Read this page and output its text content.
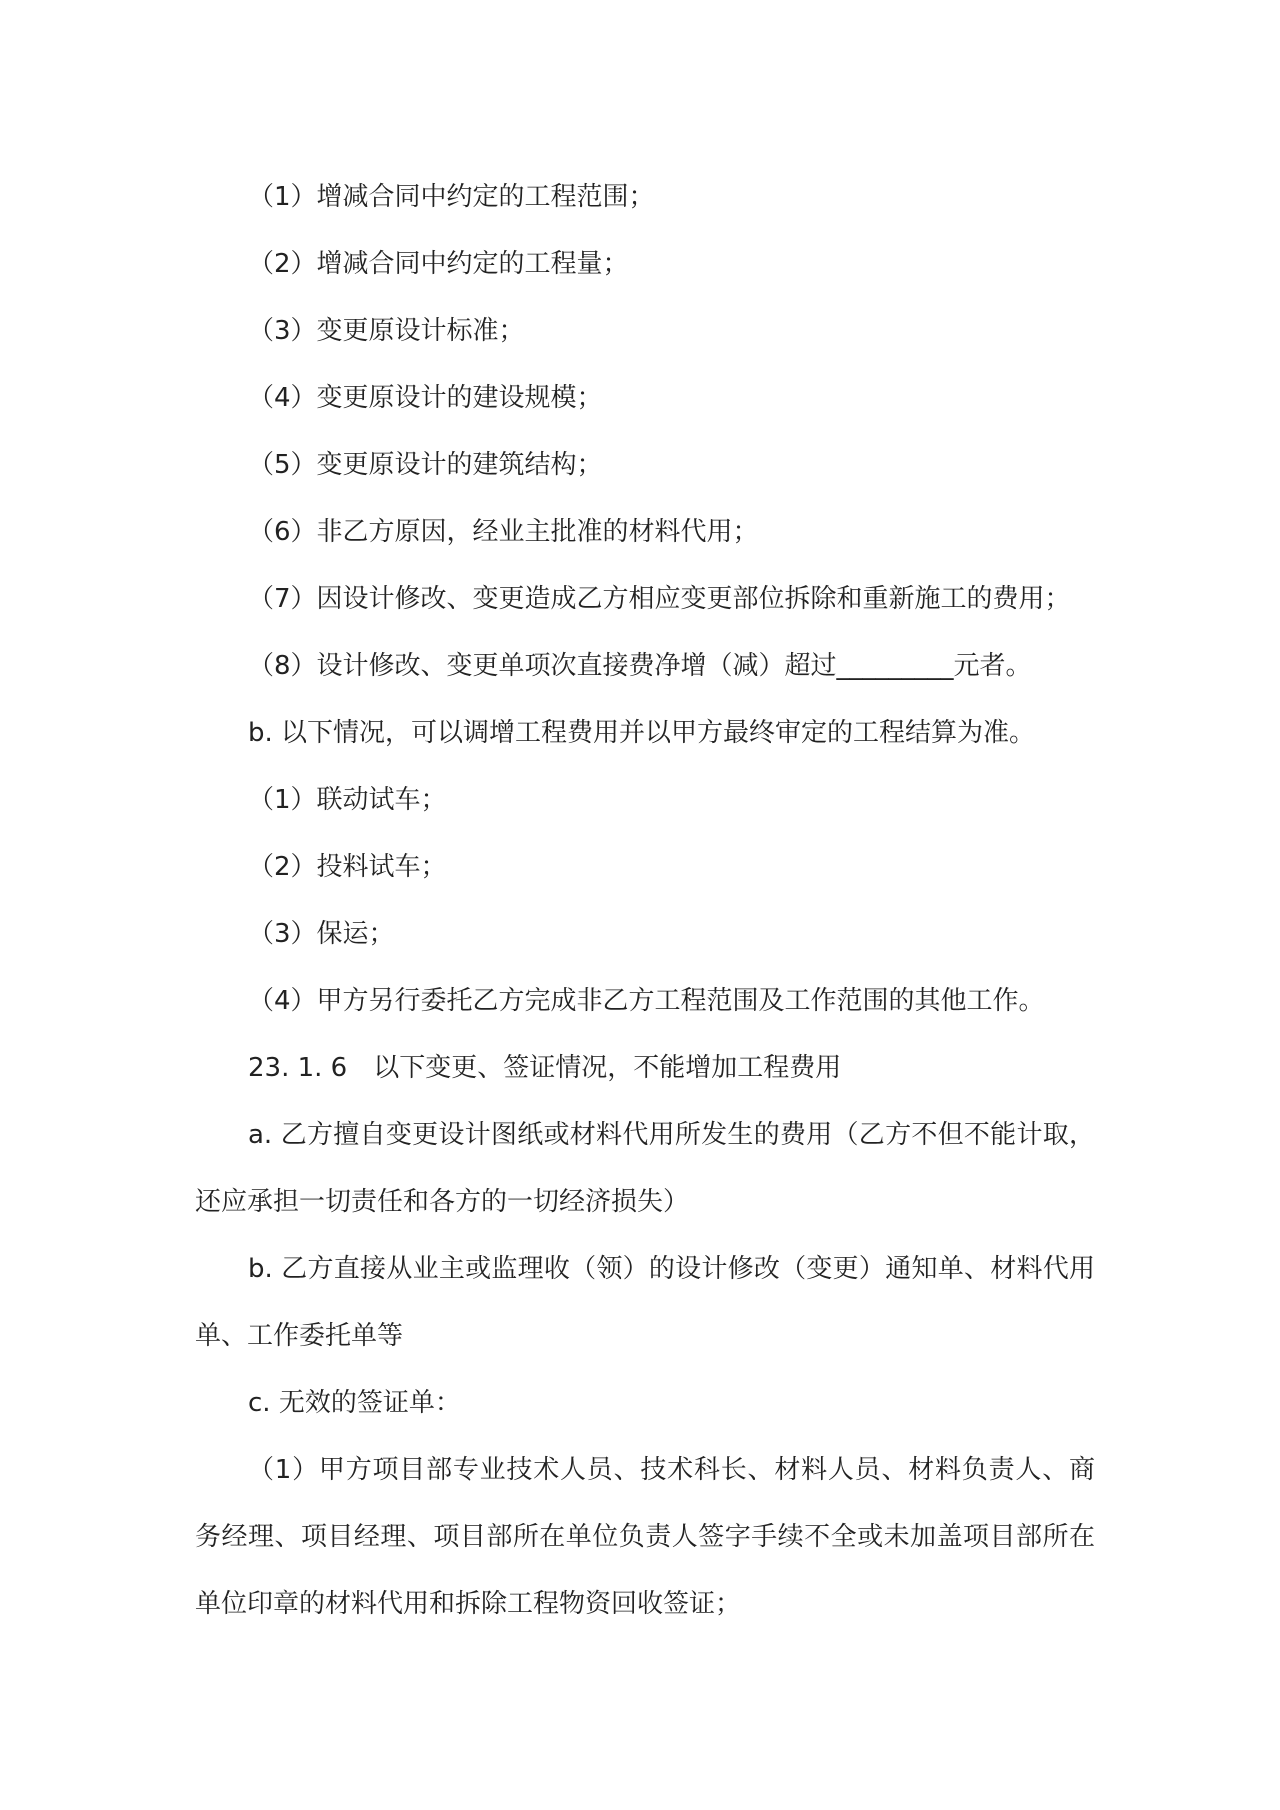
（1）增减合同中约定的工程范围；

（2）增减合同中约定的工程量；

（3）变更原设计标准；

（4）变更原设计的建设规模；

（5）变更原设计的建筑结构；

（6）非乙方原因，经业主批准的材料代用；

（7）因设计修改、变更造成乙方相应变更部位拆除和重新施工的费用；

（8）设计修改、变更单项次直接费净增（减）超过_________元者。

b. 以下情况，可以调增工程费用并以甲方最终审定的工程结算为准。

（1）联动试车；

（2）投料试车；

（3）保运；

（4）甲方另行委托乙方完成非乙方工程范围及工作范围的其他工作。

23. 1. 6　以下变更、签证情况，不能增加工程费用

a. 乙方擅自变更设计图纸或材料代用所发生的费用（乙方不但不能计取，还应承担一切责任和各方的一切经济损失）

b. 乙方直接从业主或监理收（领）的设计修改（变更）通知单、材料代用单、工作委托单等

c. 无效的签证单：

（1）甲方项目部专业技术人员、技术科长、材料人员、材料负责人、商务经理、项目经理、项目部所在单位负责人签字手续不全或未加盖项目部所在单位印章的材料代用和拆除工程物资回收签证；
